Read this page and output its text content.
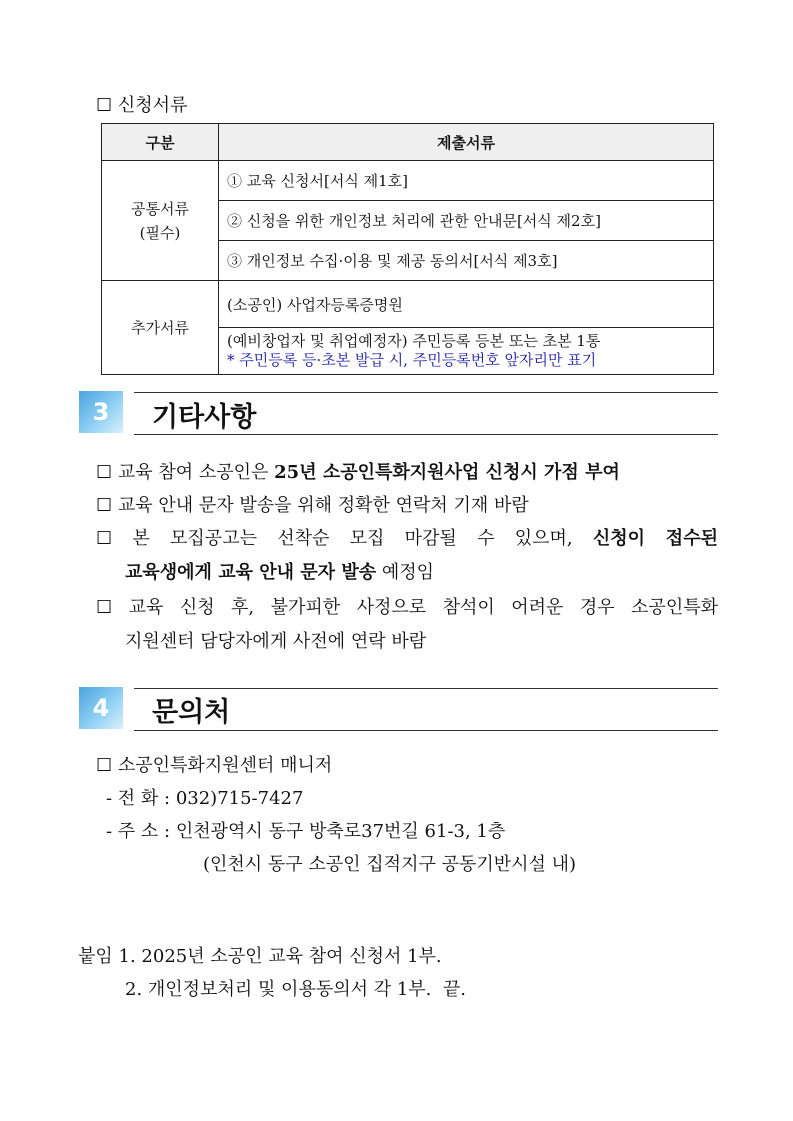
☐ 신청서류
구분	제출서류

공통서류
(필수)	① 교육 신청서[서식 제1호]
	② 신청을 위한 개인정보 처리에 관한 안내문[서식 제2호]
	③ 개인정보 수집·이용 및 제공 동의서[서식 제3호]
추가서류	(소공인) 사업자등록증명원

	(예비창업자 및 취업예정자) 주민등록 등본 또는 초본 1통
* 주민등록 등·초본 발급 시, 주민등록번호 앞자리만 표기
3	기타사항
☐ 교육 참여 소공인은 25년 소공인특화지원사업 신청시 가점 부여
☐ 교육 안내 문자 발송을 위해 정확한 연락처 기재 바람
☐ 본 모집공고는 선착순 모집 마감될 수 있으며, 신청이 접수된
교육생에게 교육 안내 문자 발송 예정임
☐ 교육 신청 후, 불가피한 사정으로 참석이 어려운 경우 소공인특화
지원센터 담당자에게 사전에 연락 바람
4	문의처
☐ 소공인특화지원센터 매니저
- 전 화 : 032)715-7427
- 주 소 : 인천광역시 동구 방축로37번길 61-3, 1층
(인천시 동구 소공인 집적지구 공동기반시설 내)
붙임 1. 2025년 소공인 교육 참여 신청서 1부.
2. 개인정보처리 및 이용동의서 각 1부. 끝.
